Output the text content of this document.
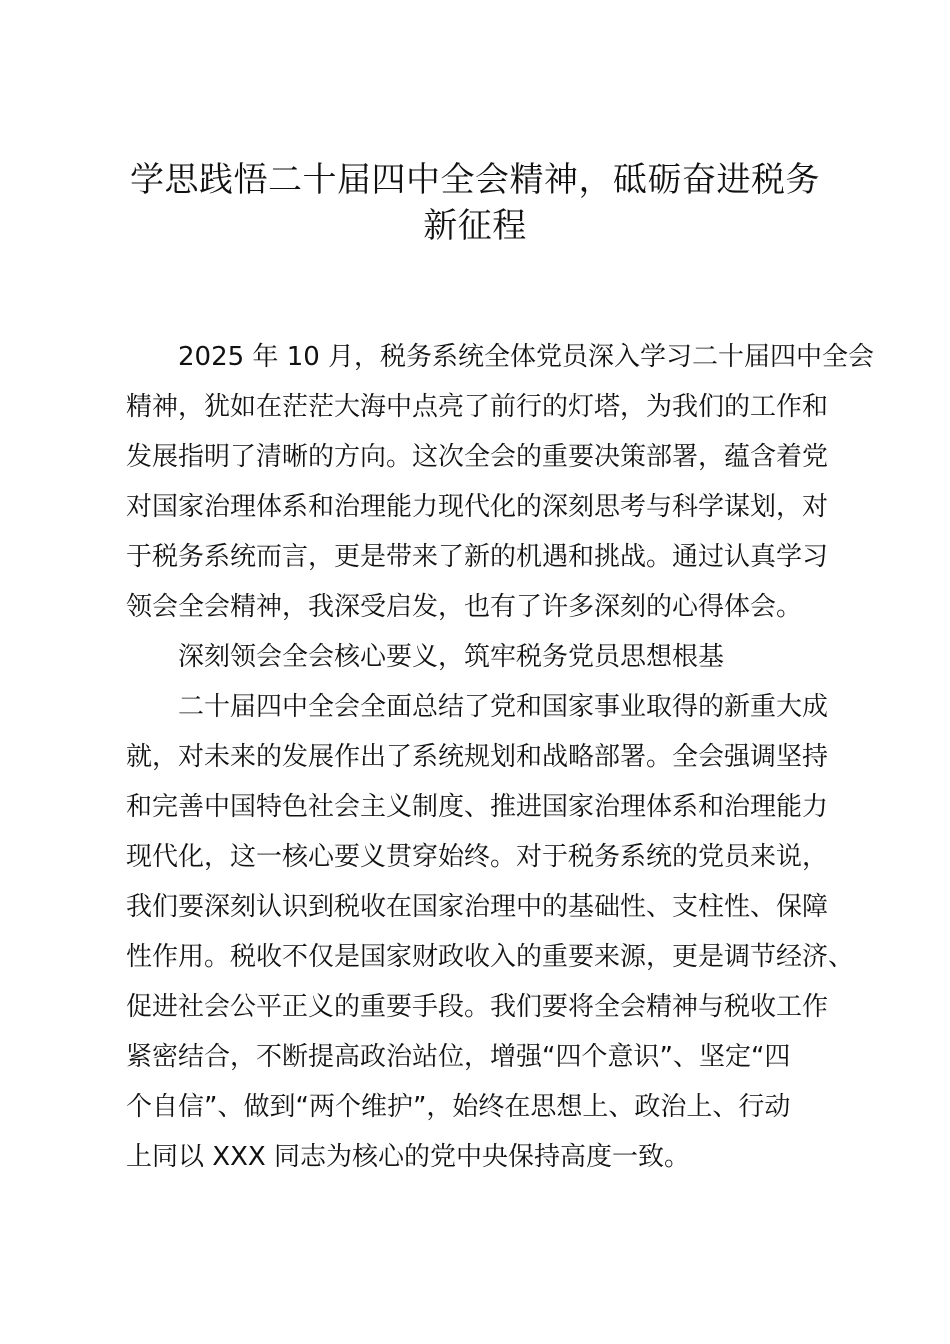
学思践悟二十届四中全会精神，砥砺奋进税务
新征程
2025 年 10 月，税务系统全体党员深入学习二十届四中全会
精神，犹如在茫茫大海中点亮了前行的灯塔，为我们的工作和
发展指明了清晰的方向。这次全会的重要决策部署，蕴含着党
对国家治理体系和治理能力现代化的深刻思考与科学谋划，对
于税务系统而言，更是带来了新的机遇和挑战。通过认真学习
领会全会精神，我深受启发，也有了许多深刻的心得体会。
深刻领会全会核心要义，筑牢税务党员思想根基
二十届四中全会全面总结了党和国家事业取得的新重大成
就，对未来的发展作出了系统规划和战略部署。全会强调坚持
和完善中国特色社会主义制度、推进国家治理体系和治理能力
现代化，这一核心要义贯穿始终。对于税务系统的党员来说，
我们要深刻认识到税收在国家治理中的基础性、支柱性、保障
性作用。税收不仅是国家财政收入的重要来源，更是调节经济、
促进社会公平正义的重要手段。我们要将全会精神与税收工作
紧密结合，不断提高政治站位，增强“四个意识”、坚定“四
个自信”、做到“两个维护”，始终在思想上、政治上、行动
上同以 XXX 同志为核心的党中央保持高度一致。
